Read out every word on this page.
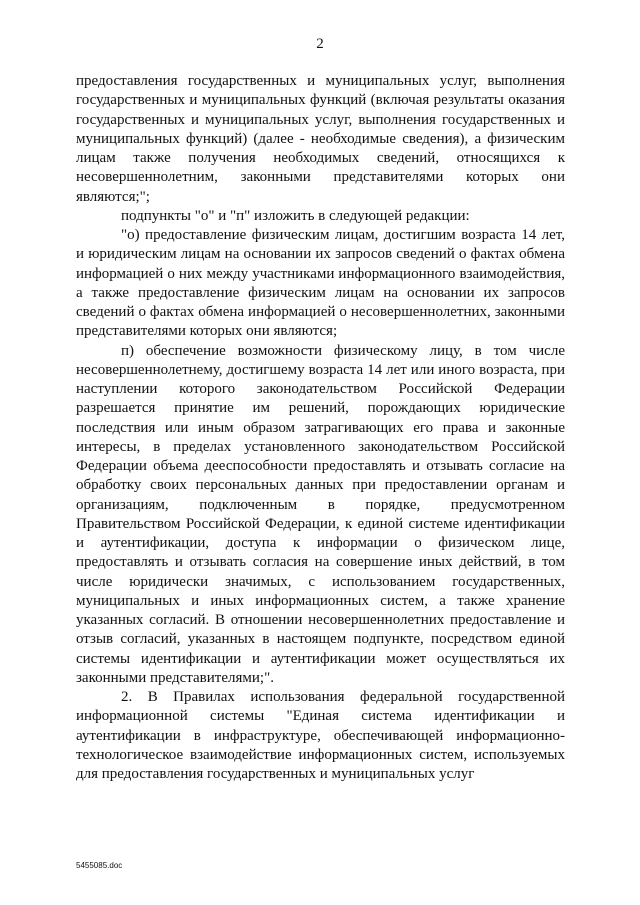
2

предоставления государственных и муниципальных услуг, выполнения государственных и муниципальных функций (включая результаты оказания государственных и муниципальных услуг, выполнения государственных и муниципальных функций) (далее - необходимые сведения), а физическим лицам также получения необходимых сведений, относящихся к несовершеннолетним, законными представителями которых они являются;";

подпункты "о" и "п" изложить в следующей редакции:

"о) предоставление физическим лицам, достигшим возраста 14 лет, и юридическим лицам на основании их запросов сведений о фактах обмена информацией о них между участниками информационного взаимодействия, а также предоставление физическим лицам на основании их запросов сведений о фактах обмена информацией о несовершеннолетних, законными представителями которых они являются;

п) обеспечение возможности физическому лицу, в том числе несовершеннолетнему, достигшему возраста 14 лет или иного возраста, при наступлении которого законодательством Российской Федерации разрешается принятие им решений, порождающих юридические последствия или иным образом затрагивающих его права и законные интересы, в пределах установленного законодательством Российской Федерации объема дееспособности предоставлять и отзывать согласие на обработку своих персональных данных при предоставлении органам и организациям, подключенным в порядке, предусмотренном Правительством Российской Федерации, к единой системе идентификации и аутентификации, доступа к информации о физическом лице, предоставлять и отзывать согласия на совершение иных действий, в том числе юридически значимых, с использованием государственных, муниципальных и иных информационных систем, а также хранение указанных согласий. В отношении несовершеннолетних предоставление и отзыв согласий, указанных в настоящем подпункте, посредством единой системы идентификации и аутентификации может осуществляться их законными представителями;".

2. В Правилах использования федеральной государственной информационной системы "Единая система идентификации и аутентификации в инфраструктуре, обеспечивающей информационно-технологическое взаимодействие информационных систем, используемых для предоставления государственных и муниципальных услуг

5455085.doc
